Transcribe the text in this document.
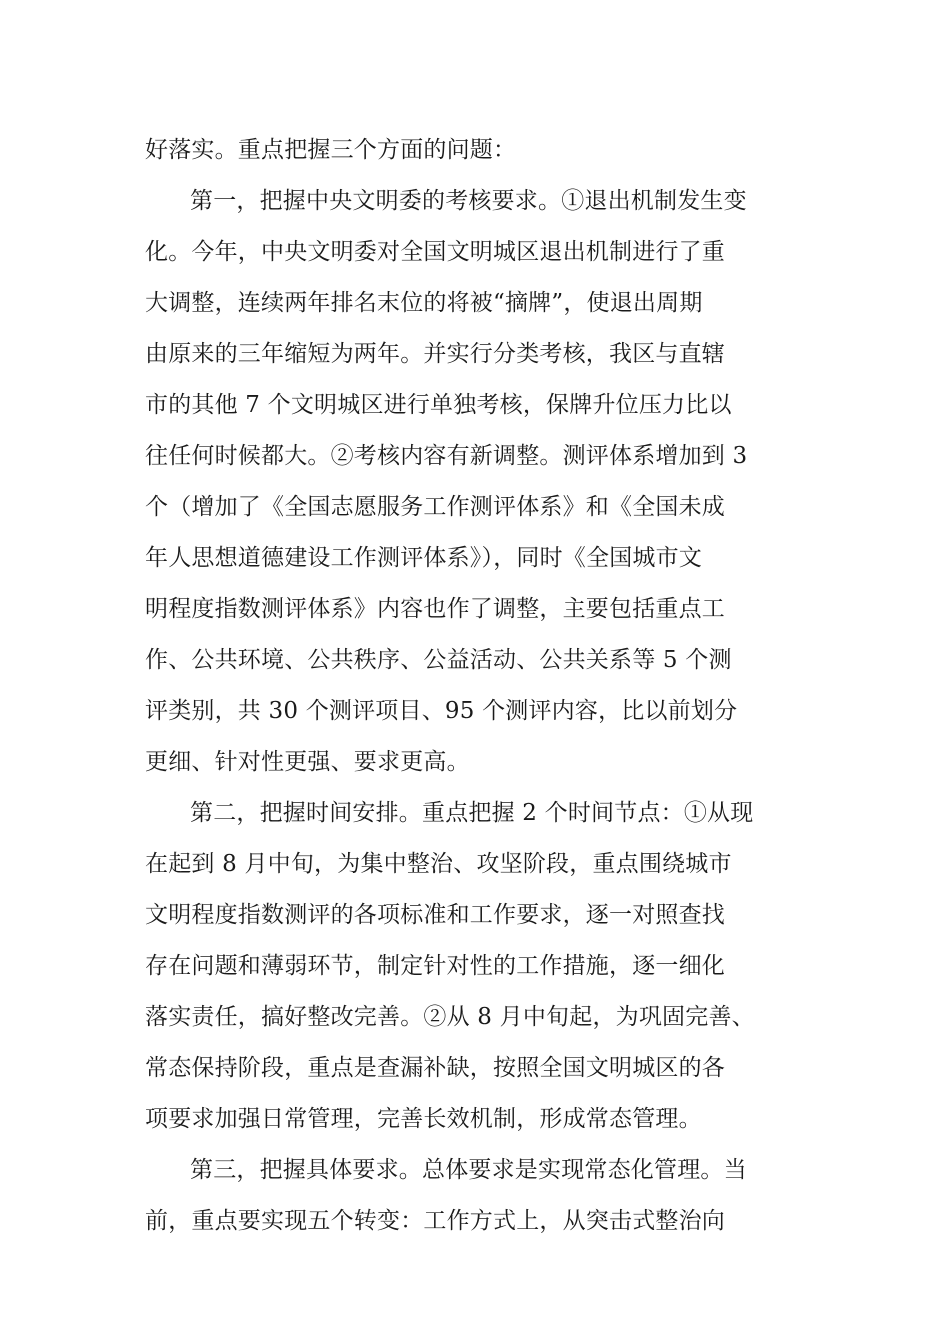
好落实。重点把握三个方面的问题：
第一，把握中央文明委的考核要求。①退出机制发生变
化。今年，中央文明委对全国文明城区退出机制进行了重
大调整，连续两年排名末位的将被“摘牌”，使退出周期
由原来的三年缩短为两年。并实行分类考核，我区与直辖
市的其他 7 个文明城区进行单独考核，保牌升位压力比以
往任何时候都大。②考核内容有新调整。测评体系增加到 3
个（增加了《全国志愿服务工作测评体系》和《全国未成
年人思想道德建设工作测评体系》），同时《全国城市文
明程度指数测评体系》内容也作了调整，主要包括重点工
作、公共环境、公共秩序、公益活动、公共关系等 5 个测
评类别，共 30 个测评项目、95 个测评内容，比以前划分
更细、针对性更强、要求更高。
第二，把握时间安排。重点把握 2 个时间节点：①从现
在起到 8 月中旬，为集中整治、攻坚阶段，重点围绕城市
文明程度指数测评的各项标准和工作要求，逐一对照查找
存在问题和薄弱环节，制定针对性的工作措施，逐一细化
落实责任，搞好整改完善。②从 8 月中旬起，为巩固完善、
常态保持阶段，重点是查漏补缺，按照全国文明城区的各
项要求加强日常管理，完善长效机制，形成常态管理。
第三，把握具体要求。总体要求是实现常态化管理。当
前，重点要实现五个转变：工作方式上，从突击式整治向
